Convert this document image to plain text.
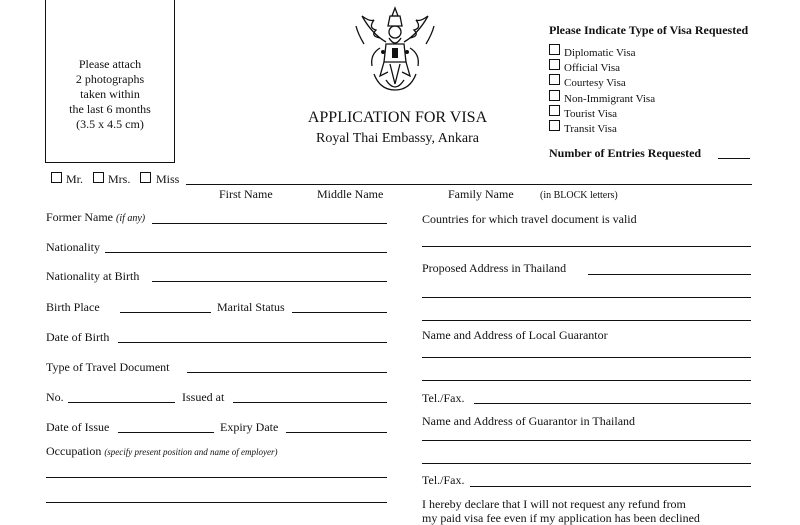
Please attach
2 photographs
taken within
the last 6 months
(3.5 x 4.5 cm)	APPLICATION FOR VISA
Royal Thai Embassy, Ankara
Please Indicate Type of Visa Requested
Diplomatic Visa
Official Visa
Courtesy Visa
Non-Immigrant Visa
Tourist Visa
Transit Visa
Number of Entries Requested
Mr. Mrs. Miss
First Name	Middle Name	Family Name	(in BLOCK letters)
Former Name (if any)
Nationality
Nationality at Birth
Birth Place	Marital Status
Date of Birth
Type of Travel Document
No.	Issued at
Date of Issue	Expiry Date
Occupation (specify present position and name of employer)
Countries for which travel document is valid
Proposed Address in Thailand
Name and Address of Local Guarantor
Tel./Fax.
Name and Address of Guarantor in Thailand
Tel./Fax.
I hereby declare that I will not request any refund from
my paid visa fee even if my application has been declined
